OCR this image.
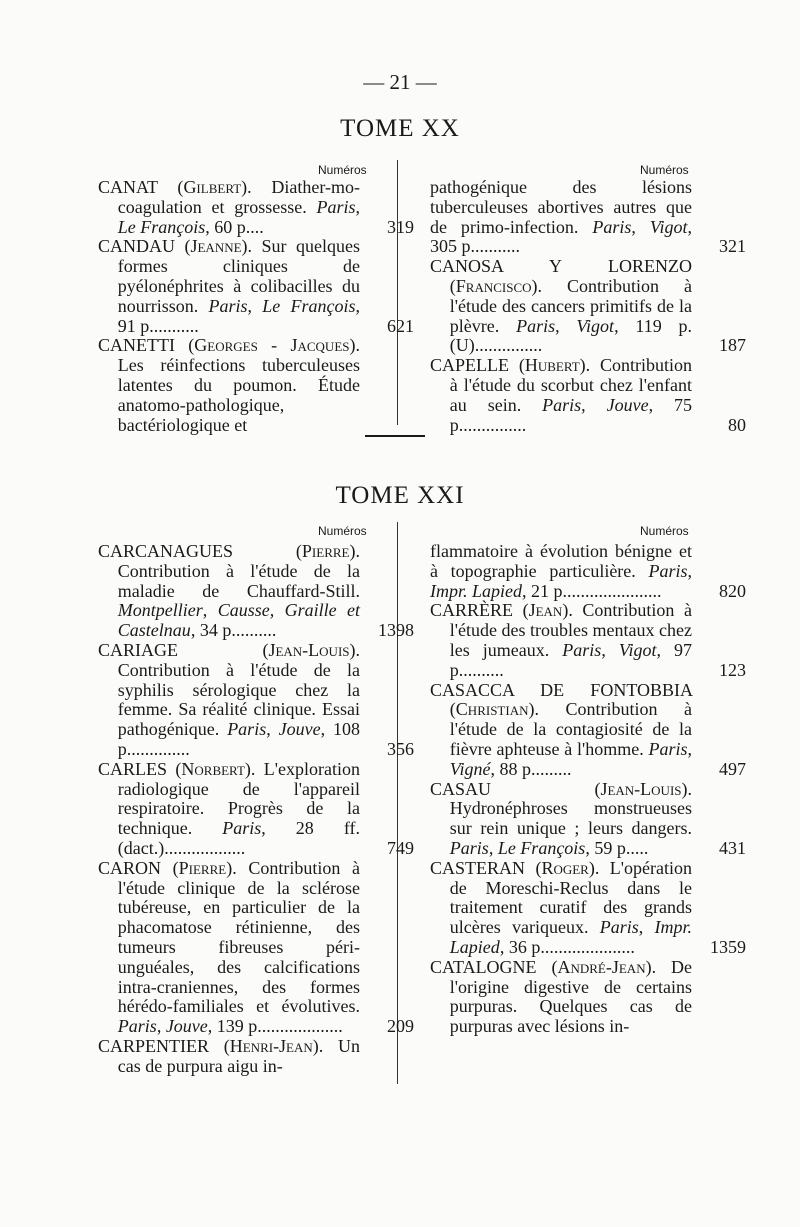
— 21 —
TOME XX
Numéros	Numéros
CANAT (Gilbert). Diather-mo-coagulation et grossesse. Paris, Le François, 60 p....	319
CANDAU (Jeanne). Sur quelques formes cliniques de pyélonéphrites à colibacilles du nourrisson. Paris, Le François, 91 p...........	621
CANETTI (Georges - Jacques). Les réinfections tuberculeuses latentes du poumon. Étude anatomo-pathologique, bactériologique et
pathogénique des lésions tuberculeuses abortives autres que de primo-infection. Paris, Vigot, 305 p...........	321
CANOSA Y LORENZO (Francisco). Contribution à l'étude des cancers primitifs de la plèvre. Paris, Vigot, 119 p. (U)...............	187
CAPELLE (Hubert). Contribution à l'étude du scorbut chez l'enfant au sein. Paris, Jouve, 75 p...............	80
TOME XXI
Numéros	Numéros
CARCANAGUES (Pierre). Contribution à l'étude de la maladie de Chauffard-Still. Montpellier, Causse, Graille et Castelnau, 34 p..........	1398
CARIAGE (Jean-Louis). Contribution à l'étude de la syphilis sérologique chez la femme. Sa réalité clinique. Essai pathogénique. Paris, Jouve, 108 p..............	356
CARLES (Norbert). L'exploration radiologique de l'appareil respiratoire. Progrès de la technique. Paris, 28 ff. (dact.)..................	749
CARON (Pierre). Contribution à l'étude clinique de la sclérose tubéreuse, en particulier de la phacomatose rétinienne, des tumeurs fibreuses péri-unguéales, des calcifications intra-craniennes, des formes hérédo-familiales et évolutives. Paris, Jouve, 139 p...................	209
CARPENTIER (Henri-Jean). Un cas de purpura aigu in-
flammatoire à évolution bénigne et à topographie particulière. Paris, Impr. Lapied, 21 p......................	820
CARRÈRE (Jean). Contribution à l'étude des troubles mentaux chez les jumeaux. Paris, Vigot, 97 p..........	123
CASACCA DE FONTOBBIA (Christian). Contribution à l'étude de la contagiosité de la fièvre aphteuse à l'homme. Paris, Vigné, 88 p.........	497
CASAU (Jean-Louis). Hydronéphroses monstrueuses sur rein unique ; leurs dangers. Paris, Le François, 59 p.....	431
CASTERAN (Roger). L'opération de Moreschi-Reclus dans le traitement curatif des grands ulcères variqueux. Paris, Impr. Lapied, 36 p.....................	1359
CATALOGNE (André-Jean). De l'origine digestive de certains purpuras. Quelques cas de purpuras avec lésions in-
